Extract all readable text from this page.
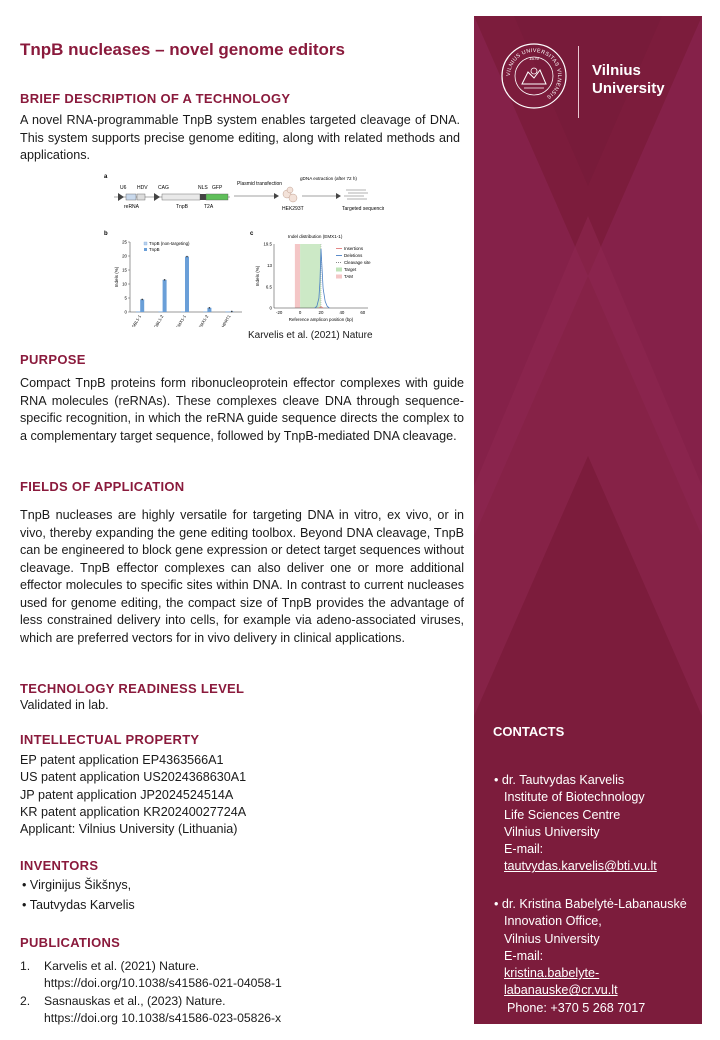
TnpB nucleases – novel genome editors
BRIEF DESCRIPTION OF A TECHNOLOGY

A novel RNA-programmable TnpB system enables targeted cleavage of DNA. This system supports precise genome editing, along with related methods and applications.

a
U6 HDV CAG	NLS GFP
reRNA	TnpB	T2A
Plasmid transfection
HEK293T
gDNA extraction (after 72 h)
Targeted sequencing
b
0
5
10
15
20
25
Indels (%)
AGBL1-1 AGBL1-2 EMX1-1 EMX1-2	HPRT1
TnpB (non-targeting)
TnpB
c	Indel distribution (EMX1-1)
0
6.5
13
19.5
-20	0	20	40	60
Reference amplicon position (bp)
Indels (%)
Insertions
Deletions
Cleavage site
Target
TAM
Karvelis et al. (2021) Nature
PURPOSE

Compact TnpB proteins form ribonucleoprotein effector complexes with guide RNA molecules (reRNAs). These complexes cleave DNA through sequence-specific recognition, in which the reRNA guide sequence directs the complex to a complementary target sequence, followed by TnpB-mediated DNA cleavage.

FIELDS OF APPLICATION

TnpB nucleases are highly versatile for targeting DNA in vitro, ex vivo, or in vivo, thereby expanding the gene editing toolbox. Beyond DNA cleavage, TnpB can be engineered to block gene expression or detect target sequences without cleavage. TnpB effector complexes can also deliver one or more additional effector molecules to specific sites within DNA. In contrast to current nucleases used for genome editing, the compact size of TnpB provides the advantage of less constrained delivery into cells, for example via adeno-associated viruses, which are preferred vectors for in vivo delivery in clinical applications.

TECHNOLOGY READINESS LEVEL

Validated in lab.

INTELLECTUAL PROPERTY
EP patent application EP4363566A1
US patent application US2024368630A1
JP patent application JP2024524514A
KR patent application KR20240027724A
Applicant: Vilnius University (Lithuania)
INVENTORS
• Virginijus Šikšnys,
• Tautvydas Karvelis
PUBLICATIONS
1.	Karvelis et al. (2021) Nature.
https://doi.org/10.1038/s41586-021-04058-1
2.	Sasnauskas et al., (2023) Nature.
https://doi.org 10.1038/s41586-023-05826-x
VILNIUS UNIVERSITAS VILNENSIS
1579
Vilnius
University
CONTACTS
• dr. Tautvydas Karvelis
Institute of Biotechnology
Life Sciences Centre
Vilnius University
E-mail:
tautvydas.karvelis@bti.vu.lt
• dr. Kristina Babelytė-Labanauskė
Innovation Office,
Vilnius University
E-mail:
kristina.babelyte-
labanauske@cr.vu.lt
Phone: +370 5 268 7017
